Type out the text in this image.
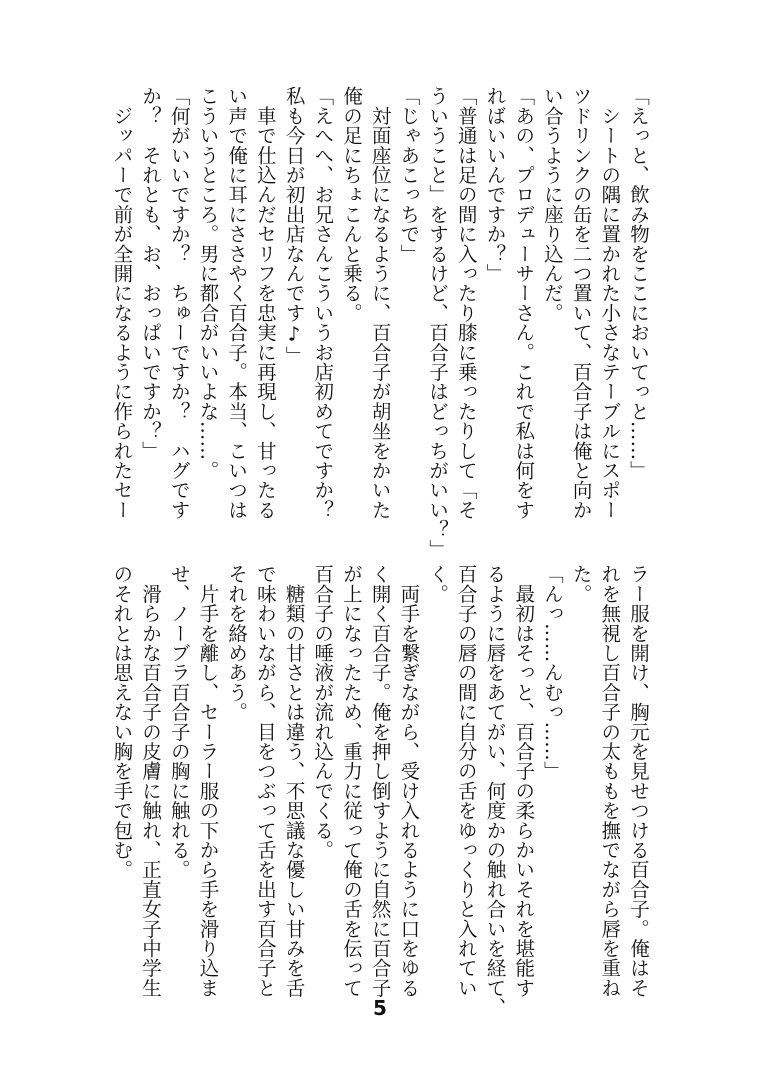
「えっと、飲み物をここにおいてっと……」
　シートの隅に置かれた小さなテーブルにスポー
ツドリンクの缶を二つ置いて、百合子は俺と向か
い合うように座り込んだ。
「あの、プロデューサーさん。これで私は何をす
ればいいんですか？」
「普通は足の間に入ったり膝に乗ったりして「そ
ういうこと」をするけど、百合子はどっちがいい？」
「じゃあこっちで」
　対面座位になるように、百合子が胡坐をかいた
俺の足にちょこんと乗る。
「えへへ、お兄さんこういうお店初めてですか？
私も今日が初出店なんです♪」
　車で仕込んだセリフを忠実に再現し、甘ったる
い声で俺に耳にささやく百合子。本当、こいつは
こういうところ。男に都合がいいよな……。
「何がいいですか？　ちゅーですか？　ハグです
か？　それとも、お、おっぱいですか？」
　ジッパーで前が全開になるように作られたセー
ラー服を開け、胸元を見せつける百合子。俺はそ
れを無視し百合子の太ももを撫でながら唇を重ね
た。
「んっ……んむっ……」
　最初はそっと、百合子の柔らかいそれを堪能す
るように唇をあてがい、何度かの触れ合いを経て、
百合子の唇の間に自分の舌をゆっくりと入れてい
く。
　両手を繋ぎながら、受け入れるように口をゆる
く開く百合子。俺を押し倒すように自然に百合子
が上になったため、重力に従って俺の舌を伝って
百合子の唾液が流れ込んでくる。
　糖類の甘さとは違う、不思議な優しい甘みを舌
で味わいながら、目をつぶって舌を出す百合子と
それを絡めあう。
　片手を離し、セーラー服の下から手を滑り込ま
せ、ノーブラ百合子の胸に触れる。
　滑らかな百合子の皮膚に触れ、正直女子中学生
のそれとは思えない胸を手で包む。
5
